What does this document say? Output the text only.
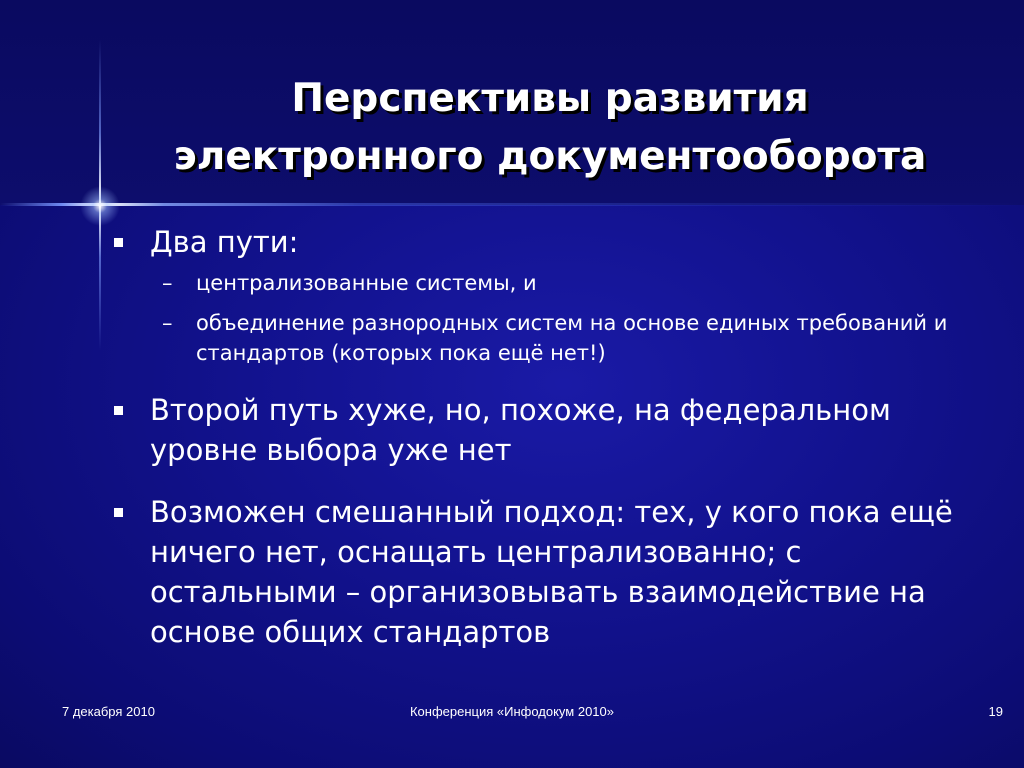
Перспективы развития
электронного документооборота
Два пути:
– централизованные системы, и
– объединение разнородных систем на основе единых требований и стандартов (которых пока ещё нет!)
Второй путь хуже, но, похоже, на федеральном уровне выбора уже нет
Возможен смешанный подход: тех, у кого пока ещё ничего нет, оснащать централизованно; с остальными – организовывать взаимодействие на основе общих стандартов
7 декабря 2010	Конференция «Инфодокум 2010»	19
